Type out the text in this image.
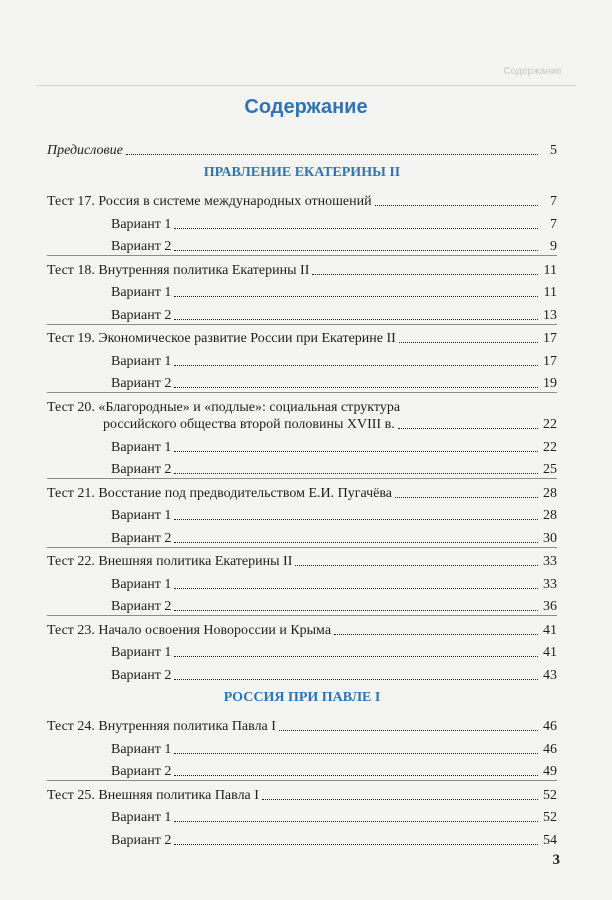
Содержание
Содержание
Предисловие	5
ПРАВЛЕНИЕ ЕКАТЕРИНЫ II
Тест 17. Россия в системе международных отношений	7
Вариант 1	7
Вариант 2	9
Тест 18. Внутренняя политика Екатерины II	11
Вариант 1	11
Вариант 2	13
Тест 19. Экономическое развитие России при Екатерине II	17
Вариант 1	17
Вариант 2	19
Тест 20. «Благородные» и «подлые»: социальная структура
российского общества второй половины XVIII в.	22
Вариант 1	22
Вариант 2	25
Тест 21. Восстание под предводительством Е.И. Пугачёва	28
Вариант 1	28
Вариант 2	30
Тест 22. Внешняя политика Екатерины II	33
Вариант 1	33
Вариант 2	36
Тест 23. Начало освоения Новороссии и Крыма	41
Вариант 1	41
Вариант 2	43
РОССИЯ ПРИ ПАВЛЕ I
Тест 24. Внутренняя политика Павла I	46
Вариант 1	46
Вариант 2	49
Тест 25. Внешняя политика Павла I	52
Вариант 1	52
Вариант 2	54
3
